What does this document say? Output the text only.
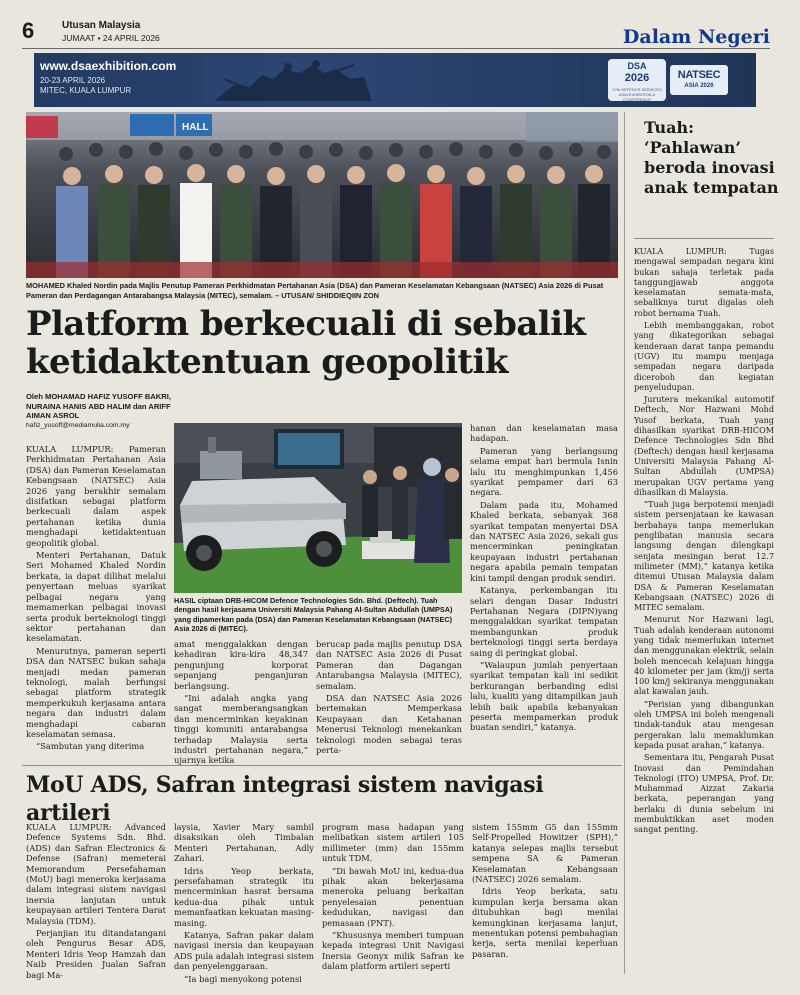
6	Utusan Malaysia
JUMAAT • 24 APRIL 2026	Dalam Negeri
www.dsaexhibition.com
20-23 APRIL 2026
MITEC, KUALA LUMPUR
DSA
2026
17th DEFENCE SERVICES ASIA EXHIBITION & CONFERENCE
NATSEC
ASIA 2026
HALL
MOHAMED Khaled Nordin pada Majlis Penutup Pameran Perkhidmatan Pertahanan Asia (DSA) dan Pameran Keselamatan Kebangsaan (NATSEC) Asia 2026 di Pusat Pameran dan Perdagangan Antarabangsa Malaysia (MITEC), semalam. – UTUSAN/ SHIDDIEQIIN ZON
Platform berkecuali di sebalik ketidaktentuan geopolitik
Oleh MOHAMAD HAFIZ YUSOFF BAKRI, NURAINA HANIS ABD HALIM dan ARIFF AIMAN ASROL
hafiz_yusoff@mediamulia.com.my

KUALA LUMPUR: Pameran Perkhidmatan Pertahanan Asia (DSA) dan Pameran Keselamatan Kebangsaan (NATSEC) Asia 2026 yang berakhir semalam disifatkan sebagai platform berkecuali dalam aspek pertahanan ketika dunia menghadapi ketidaktentuan geopolitik global.

Menteri Pertahanan, Datuk Seri Mohamed Khaled Nordin berkata, ia dapat dilihat melalui penyertaan meluas syarikat pelbagai negara yang memamerkan pelbagai inovasi serta produk berteknologi tinggi sektor pertahanan dan keselamatan.

Menurutnya, pameran seperti DSA dan NATSEC bukan sahaja menjadi medan pameran teknologi, malah berfungsi sebagai platform strategik memperkukuh kerjasama antara negara dan industri dalam menghadapi cabaran keselamatan semasa.

“Sambutan yang diterima

HASIL ciptaan DRB-HICOM Defence Technologies Sdn. Bhd. (Deftech). Tuah dengan hasil kerjasama Universiti Malaysia Pahang Al-Sultan Abdullah (UMPSA) yang dipamerkan pada (DSA) dan Pameran Keselamatan Kebangsaan (NATSEC) Asia 2026 di (MITEC).

amat menggalakkan dengan kehadiran kira-kira 48,347 pengunjung korporat sepanjang penganjuran berlangsung.

“Ini adalah angka yang sangat memberangsangkan dan mencerminkan keyakinan tinggi komuniti antarabangsa terhadap Malaysia serta industri pertahanan negara,” ujarnya ketika

berucap pada majlis penutup DSA dan NATSEC Asia 2026 di Pusat Pameran dan Dagangan Antarabangsa Malaysia (MITEC), semalam.

DSA dan NATSEC Asia 2026 bertemakan Memperkasa Keupayaan dan Ketahanan Menerusi Teknologi menekankan teknologi moden sebagai teras perta-

hanan dan keselamatan masa hadapan.

Pameran yang berlangsung selama empat hari bermula Isnin lalu itu menghimpunkan 1,456 syarikat pempamer dari 63 negara.

Dalam pada itu, Mohamed Khaled berkata, sebanyak 368 syarikat tempatan menyertai DSA dan NATSEC Asia 2026, sekali gus mencerminkan peningkatan keupayaan industri pertahanan negara apabila pemain tempatan kini tampil dengan produk sendiri.

Katanya, perkembangan itu selari dengan Dasar Industri Pertahanan Negara (DIPN)yang menggalakkan syarikat tempatan membangunkan produk berteknologi tinggi serta berdaya saing di peringkat global.

“Walaupun jumlah penyertaan syarikat tempatan kali ini sedikit berkurangan berbanding edisi lalu, kualiti yang ditampilkan jauh lebih baik apabila kebanyakan peserta mempamerkan produk buatan sendiri,” katanya.

MoU ADS, Safran integrasi sistem navigasi artileri

KUALA LUMPUR: Advanced Defence Systems Sdn. Bhd. (ADS) dan Safran Electronics & Defense (Safran) memeterai Memorandum Persefahaman (MoU) bagi meneroka kerjasama dalam integrasi sistem navigasi inersia lanjutan untuk keupayaan artileri Tentera Darat Malaysia (TDM).

Perjanjian itu ditandatangani oleh Pengurus Besar ADS, Menteri Idris Yeop Hamzah dan Naib Presiden Jualan Safran bagi Ma-

laysia, Xavier Mary sambil disaksikan oleh Timbalan Menteri Pertahanan, Adly Zahari.

Idris Yeop berkata, persefahaman strategik itu mencerminkan hasrat bersama kedua-dua pihak untuk memanfaatkan kekuatan masing-masing.

Katanya, Safran pakar dalam navigasi inersia dan keupayaan ADS pula adalah integrasi sistem dan penyelenggaraan.

“Ia bagi menyokong potensi

program masa hadapan yang melibatkan sistem artileri 105 millimeter (mm) dan 155mm untuk TDM.

“Di bawah MoU ini, kedua-dua pihak akan bekerjasama meneroka peluang berkaitan penyelesaian penentuan kedudukan, navigasi dan pemasaan (PNT).

“Khususnya memberi tumpuan kepada integrasi Unit Navigasi Inersia Geonyx milik Safran ke dalam platform artileri seperti

sistem 155mm G5 dan 155mm Self-Propelled Howitzer (SPH),” katanya selepas majlis tersebut sempena SA & Pameran Keselamatan Kebangsaan (NATSEC) 2026 semalam.

Idris Yeop berkata, satu kumpulan kerja bersama akan ditubuhkan bagi menilai kemungkinan kerjasama lanjut, menentukan potensi pembahagian kerja, serta menilai keperluan pasaran.

Tuah: ‘Pahlawan’ beroda inovasi anak tempatan

KUALA LUMPUR: Tugas mengawal sempadan negara kini bukan sahaja terletak pada tanggungjawab anggota keselamatan semata-mata, sebaliknya turut digalas oleh robot bernama Tuah.

Lebih membanggakan, robot yang dikategorikan sebagai kenderaan darat tanpa pemandu (UGV) itu mampu menjaga sempadan negara daripada diceroboh dan kegiatan penyeludupan.

Jurutera mekanikal automotif Deftech, Nor Hazwani Mohd Yusof berkata, Tuah yang dihasilkan syarikat DRB-HICOM Defence Technologies Sdn Bhd (Deftech) dengan hasil kerjasama Universiti Malaysia Pahang Al-Sultan Abdullah (UMPSA) merupakan UGV pertama yang dihasilkan di Malaysia.

“Tuah juga berpotensi menjadi sistem persenjataan ke kawasan berbahaya tanpa memerlukan penglibatan manusia secara langsung dengan dilengkapi senjata mesingan berat 12.7 milimeter (MM),” katanya ketika ditemui Utusan Malaysia dalam DSA & Pameran Keselamatan Kebangsaan (NATSEC) 2026 di MITEC semalam.

Menurut Nor Hazwani lagi, Tuah adalah kenderaan autonomi yang tidak memerlukan internet dan menggunakan elektrik, selain boleh mencecah kelajuan hingga 40 kilometer per jam (km/j) serta 100 km/j sekiranya menggunakan alat kawalan jauh.

“Perisian yang dibangunkan oleh UMPSA ini boleh mengenali tindak-tanduk atau mengesan pergerakan lalu memaklumkan kepada pusat arahan,” katanya.

Sementara itu, Pengarah Pusat Inovasi dan Pemindahan Teknologi (ITO) UMPSA, Prof. Dr. Muhammad Aizzat Zakaria berkata, peperangan yang berlaku di dunia sebelum ini membuktikkan aset moden sangat penting.
